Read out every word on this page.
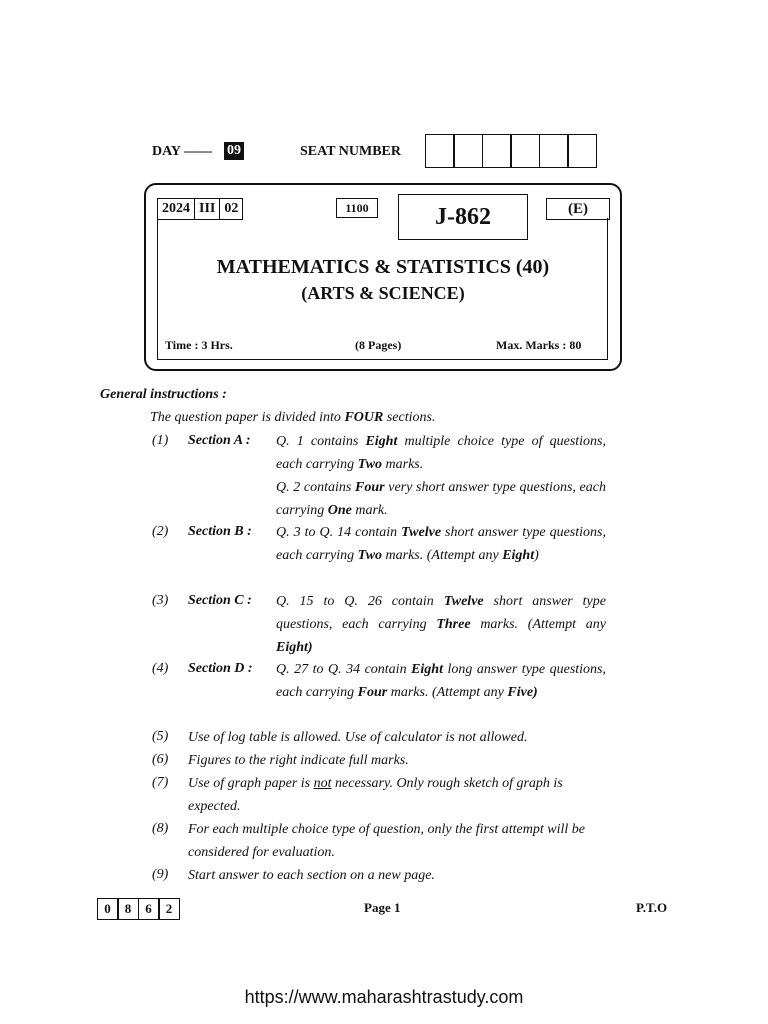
DAY —— 09	SEAT NUMBER
2024 III 02	1100	J-862	(E)
MATHEMATICS & STATISTICS (40)
(ARTS & SCIENCE)
Time : 3 Hrs.	(8 Pages)	Max. Marks : 80
General instructions :
The question paper is divided into FOUR sections.
(1) Section A : Q. 1 contains Eight multiple choice type of questions, each carrying Two marks.
Q. 2 contains Four very short answer type questions, each carrying One mark.
(2) Section B : Q. 3 to Q. 14 contain Twelve short answer type questions, each carrying Two marks. (Attempt any Eight)
(3) Section C : Q. 15 to Q. 26 contain Twelve short answer type questions, each carrying Three marks. (Attempt any Eight)
(4) Section D : Q. 27 to Q. 34 contain Eight long answer type questions, each carrying Four marks. (Attempt any Five)
(5) Use of log table is allowed. Use of calculator is not allowed.
(6) Figures to the right indicate full marks.
(7) Use of graph paper is not necessary. Only rough sketch of graph is expected.
(8) For each multiple choice type of question, only the first attempt will be considered for evaluation.
(9) Start answer to each section on a new page.
0	8	6	2	Page 1	P.T.O
https://www.maharashtrastudy.com
